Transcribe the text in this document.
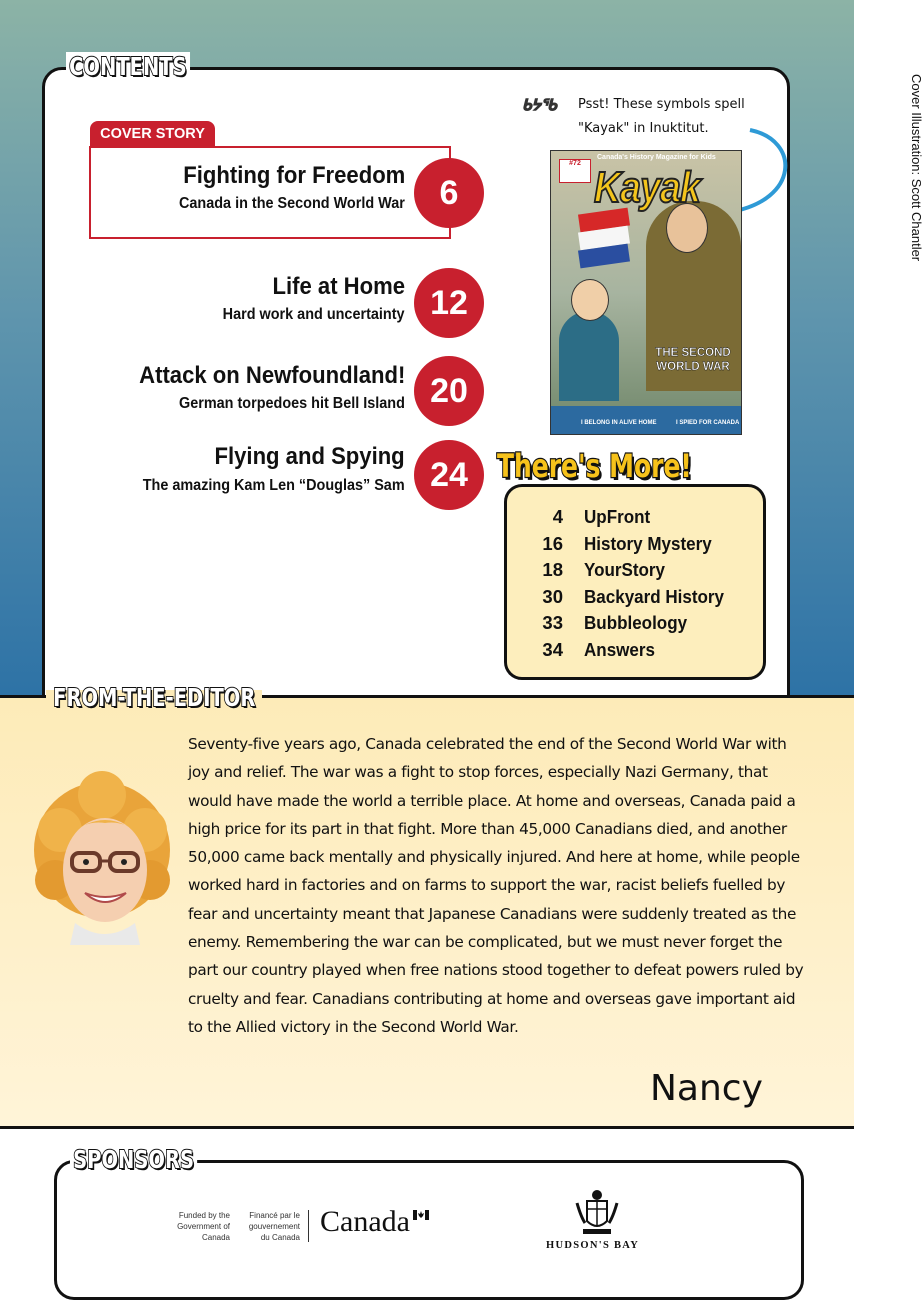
CONTENTS
COVER STORY
Fighting for Freedom
Canada in the Second World War	6
Life at Home
Hard work and uncertainty 12
Attack on Newfoundland!
German torpedoes hit Bell Island 20
Flying and Spying
The amazing Kam Len “Douglas” Sam 24
ᑲᔭᖃ Psst! These symbols spell "Kayak" in Inuktitut.
Canada's History Magazine for Kids
#72 Kayak
THE SECOND WORLD WAR
I BELONG IN ALIVE HOME	I SPIED FOR CANADA
Cover Illustration: Scott Chantler
4 UpFront
16 History Mystery
18 YourStory
30 Backyard History
33 Bubbleology
34 Answers
There's More!
FROM-THE-EDITOR
Seventy-five years ago, Canada celebrated the end of the Second World War with joy and relief. The war was a fight to stop forces, especially Nazi Germany, that would have made the world a terrible place. At home and overseas, Canada paid a high price for its part in that fight. More than 45,000 Canadians died, and another 50,000 came back mentally and physically injured. And here at home, while people worked hard in factories and on farms to support the war, racist beliefs fuelled by fear and uncertainty meant that Japanese Canadians were suddenly treated as the enemy. Remembering the war can be complicated, but we must never forget the part our country played when free nations stood together to defeat powers ruled by cruelty and fear. Canadians contributing at home and overseas gave important aid to the Allied victory in the Second World War.
Nancy
SPONSORS
Funded by the Government of Canada
Financé par le gouvernement du Canada Canada
HUDSON'S BAY
